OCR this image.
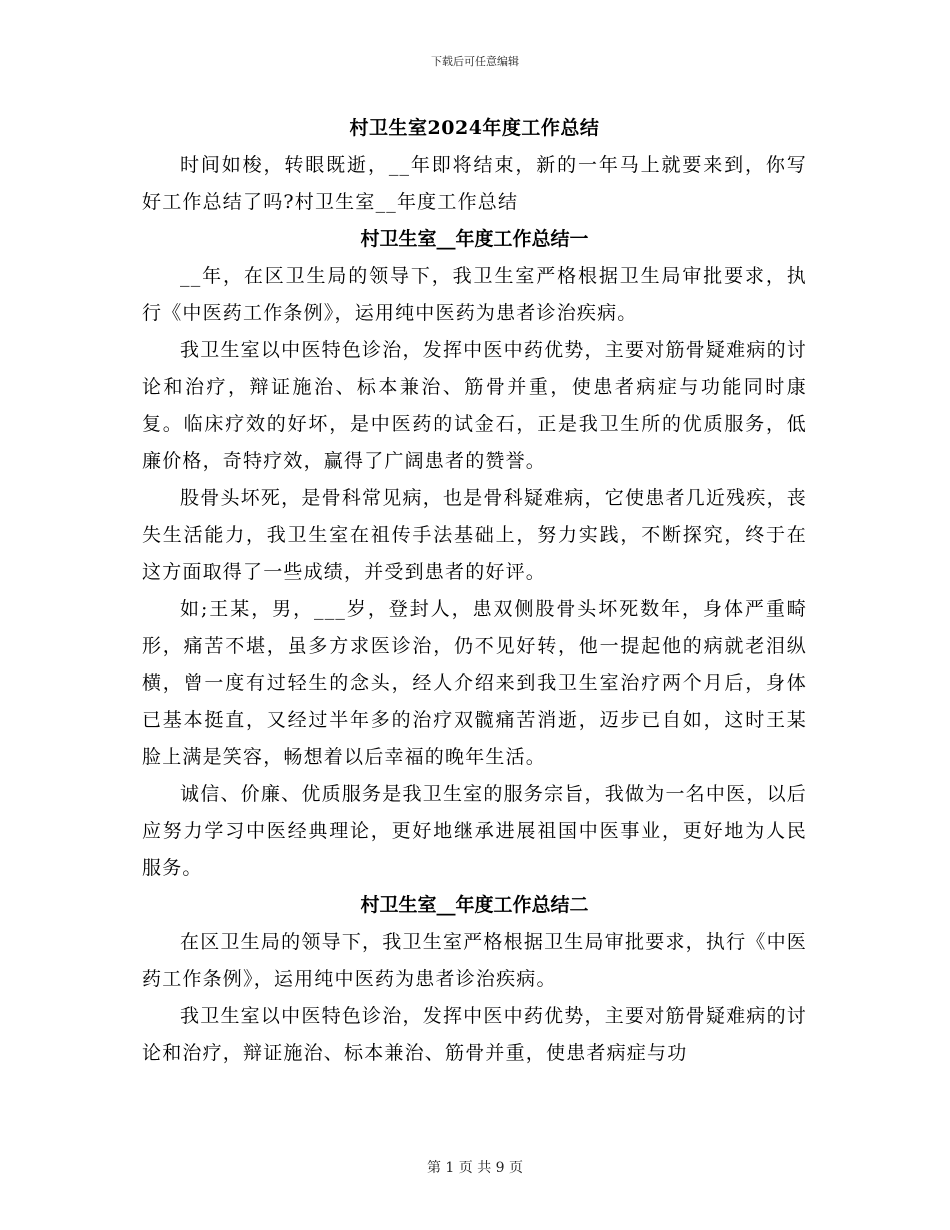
下载后可任意编辑
村卫生室2024年度工作总结

时间如梭，转眼既逝，__年即将结束，新的一年马上就要来到，你写好工作总结了吗?村卫生室__年度工作总结

村卫生室__年度工作总结一

__年，在区卫生局的领导下，我卫生室严格根据卫生局审批要求，执行《中医药工作条例》，运用纯中医药为患者诊治疾病。

我卫生室以中医特色诊治，发挥中医中药优势，主要对筋骨疑难病的讨论和治疗，辩证施治、标本兼治、筋骨并重，使患者病症与功能同时康复。临床疗效的好坏，是中医药的试金石，正是我卫生所的优质服务，低廉价格，奇特疗效，赢得了广阔患者的赞誉。

股骨头坏死，是骨科常见病，也是骨科疑难病，它使患者几近残疾，丧失生活能力，我卫生室在祖传手法基础上，努力实践，不断探究，终于在这方面取得了一些成绩，并受到患者的好评。

如;王某，男，___岁，登封人，患双侧股骨头坏死数年，身体严重畸形，痛苦不堪，虽多方求医诊治，仍不见好转，他一提起他的病就老泪纵横，曾一度有过轻生的念头，经人介绍来到我卫生室治疗两个月后，身体已基本挺直，又经过半年多的治疗双髋痛苦消逝，迈步已自如，这时王某脸上满是笑容，畅想着以后幸福的晚年生活。

诚信、价廉、优质服务是我卫生室的服务宗旨，我做为一名中医，以后应努力学习中医经典理论，更好地继承进展祖国中医事业，更好地为人民服务。

村卫生室__年度工作总结二

在区卫生局的领导下，我卫生室严格根据卫生局审批要求，执行《中医药工作条例》，运用纯中医药为患者诊治疾病。

我卫生室以中医特色诊治，发挥中医中药优势，主要对筋骨疑难病的讨论和治疗，辩证施治、标本兼治、筋骨并重，使患者病症与功

第 1 页 共 9 页
